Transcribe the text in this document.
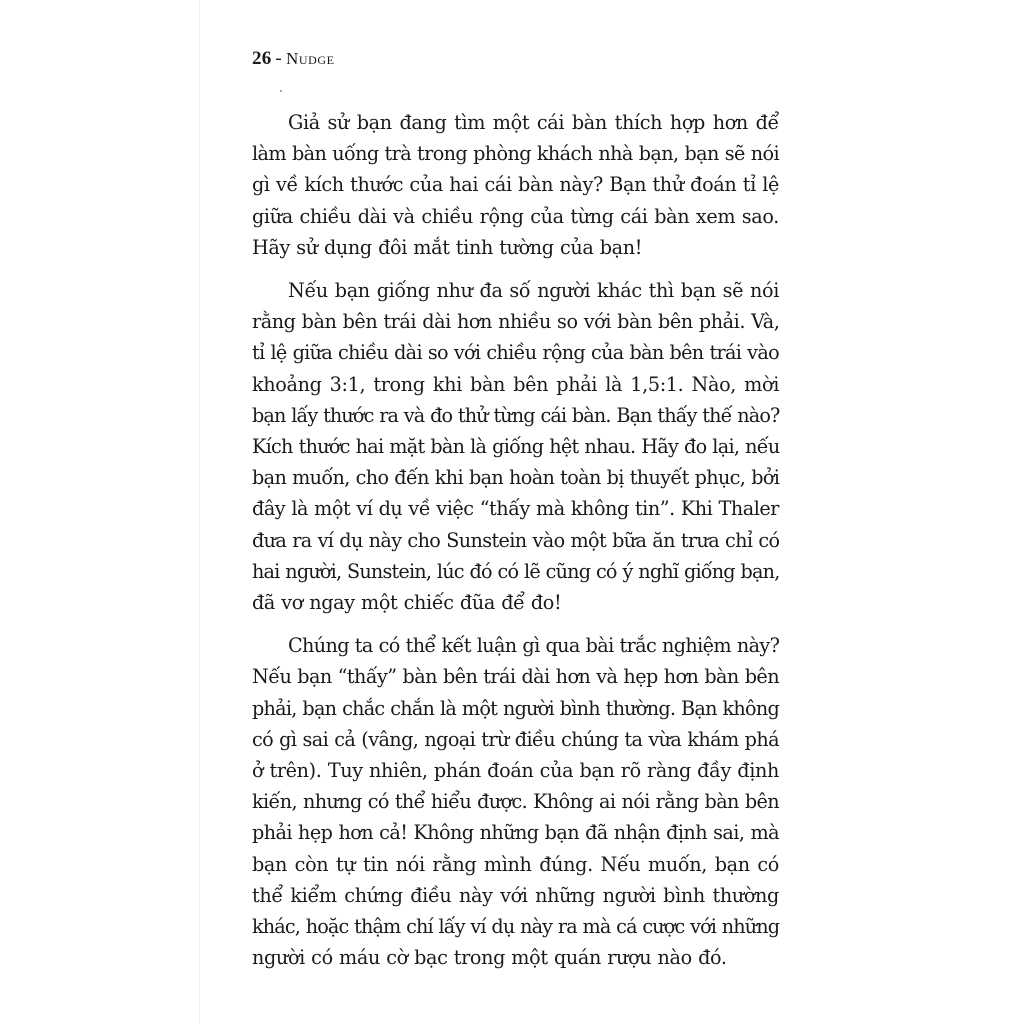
26 - Nudge

Giả sử bạn đang tìm một cái bàn thích hợp hơn để
làm bàn uống trà trong phòng khách nhà bạn, bạn sẽ nói
gì về kích thước của hai cái bàn này? Bạn thử đoán tỉ lệ
giữa chiều dài và chiều rộng của từng cái bàn xem sao.
Hãy sử dụng đôi mắt tinh tường của bạn!

Nếu bạn giống như đa số người khác thì bạn sẽ nói
rằng bàn bên trái dài hơn nhiều so với bàn bên phải. Và,
tỉ lệ giữa chiều dài so với chiều rộng của bàn bên trái vào
khoảng 3:1, trong khi bàn bên phải là 1,5:1. Nào, mời
bạn lấy thước ra và đo thử từng cái bàn. Bạn thấy thế nào?
Kích thước hai mặt bàn là giống hệt nhau. Hãy đo lại, nếu
bạn muốn, cho đến khi bạn hoàn toàn bị thuyết phục, bởi
đây là một ví dụ về việc “thấy mà không tin”. Khi Thaler
đưa ra ví dụ này cho Sunstein vào một bữa ăn trưa chỉ có
hai người, Sunstein, lúc đó có lẽ cũng có ý nghĩ giống bạn,
đã vơ ngay một chiếc đũa để đo!

Chúng ta có thể kết luận gì qua bài trắc nghiệm này?
Nếu bạn “thấy” bàn bên trái dài hơn và hẹp hơn bàn bên
phải, bạn chắc chắn là một người bình thường. Bạn không
có gì sai cả (vâng, ngoại trừ điều chúng ta vừa khám phá
ở trên). Tuy nhiên, phán đoán của bạn rõ ràng đầy định
kiến, nhưng có thể hiểu được. Không ai nói rằng bàn bên
phải hẹp hơn cả! Không những bạn đã nhận định sai, mà
bạn còn tự tin nói rằng mình đúng. Nếu muốn, bạn có
thể kiểm chứng điều này với những người bình thường
khác, hoặc thậm chí lấy ví dụ này ra mà cá cược với những
người có máu cờ bạc trong một quán rượu nào đó.
